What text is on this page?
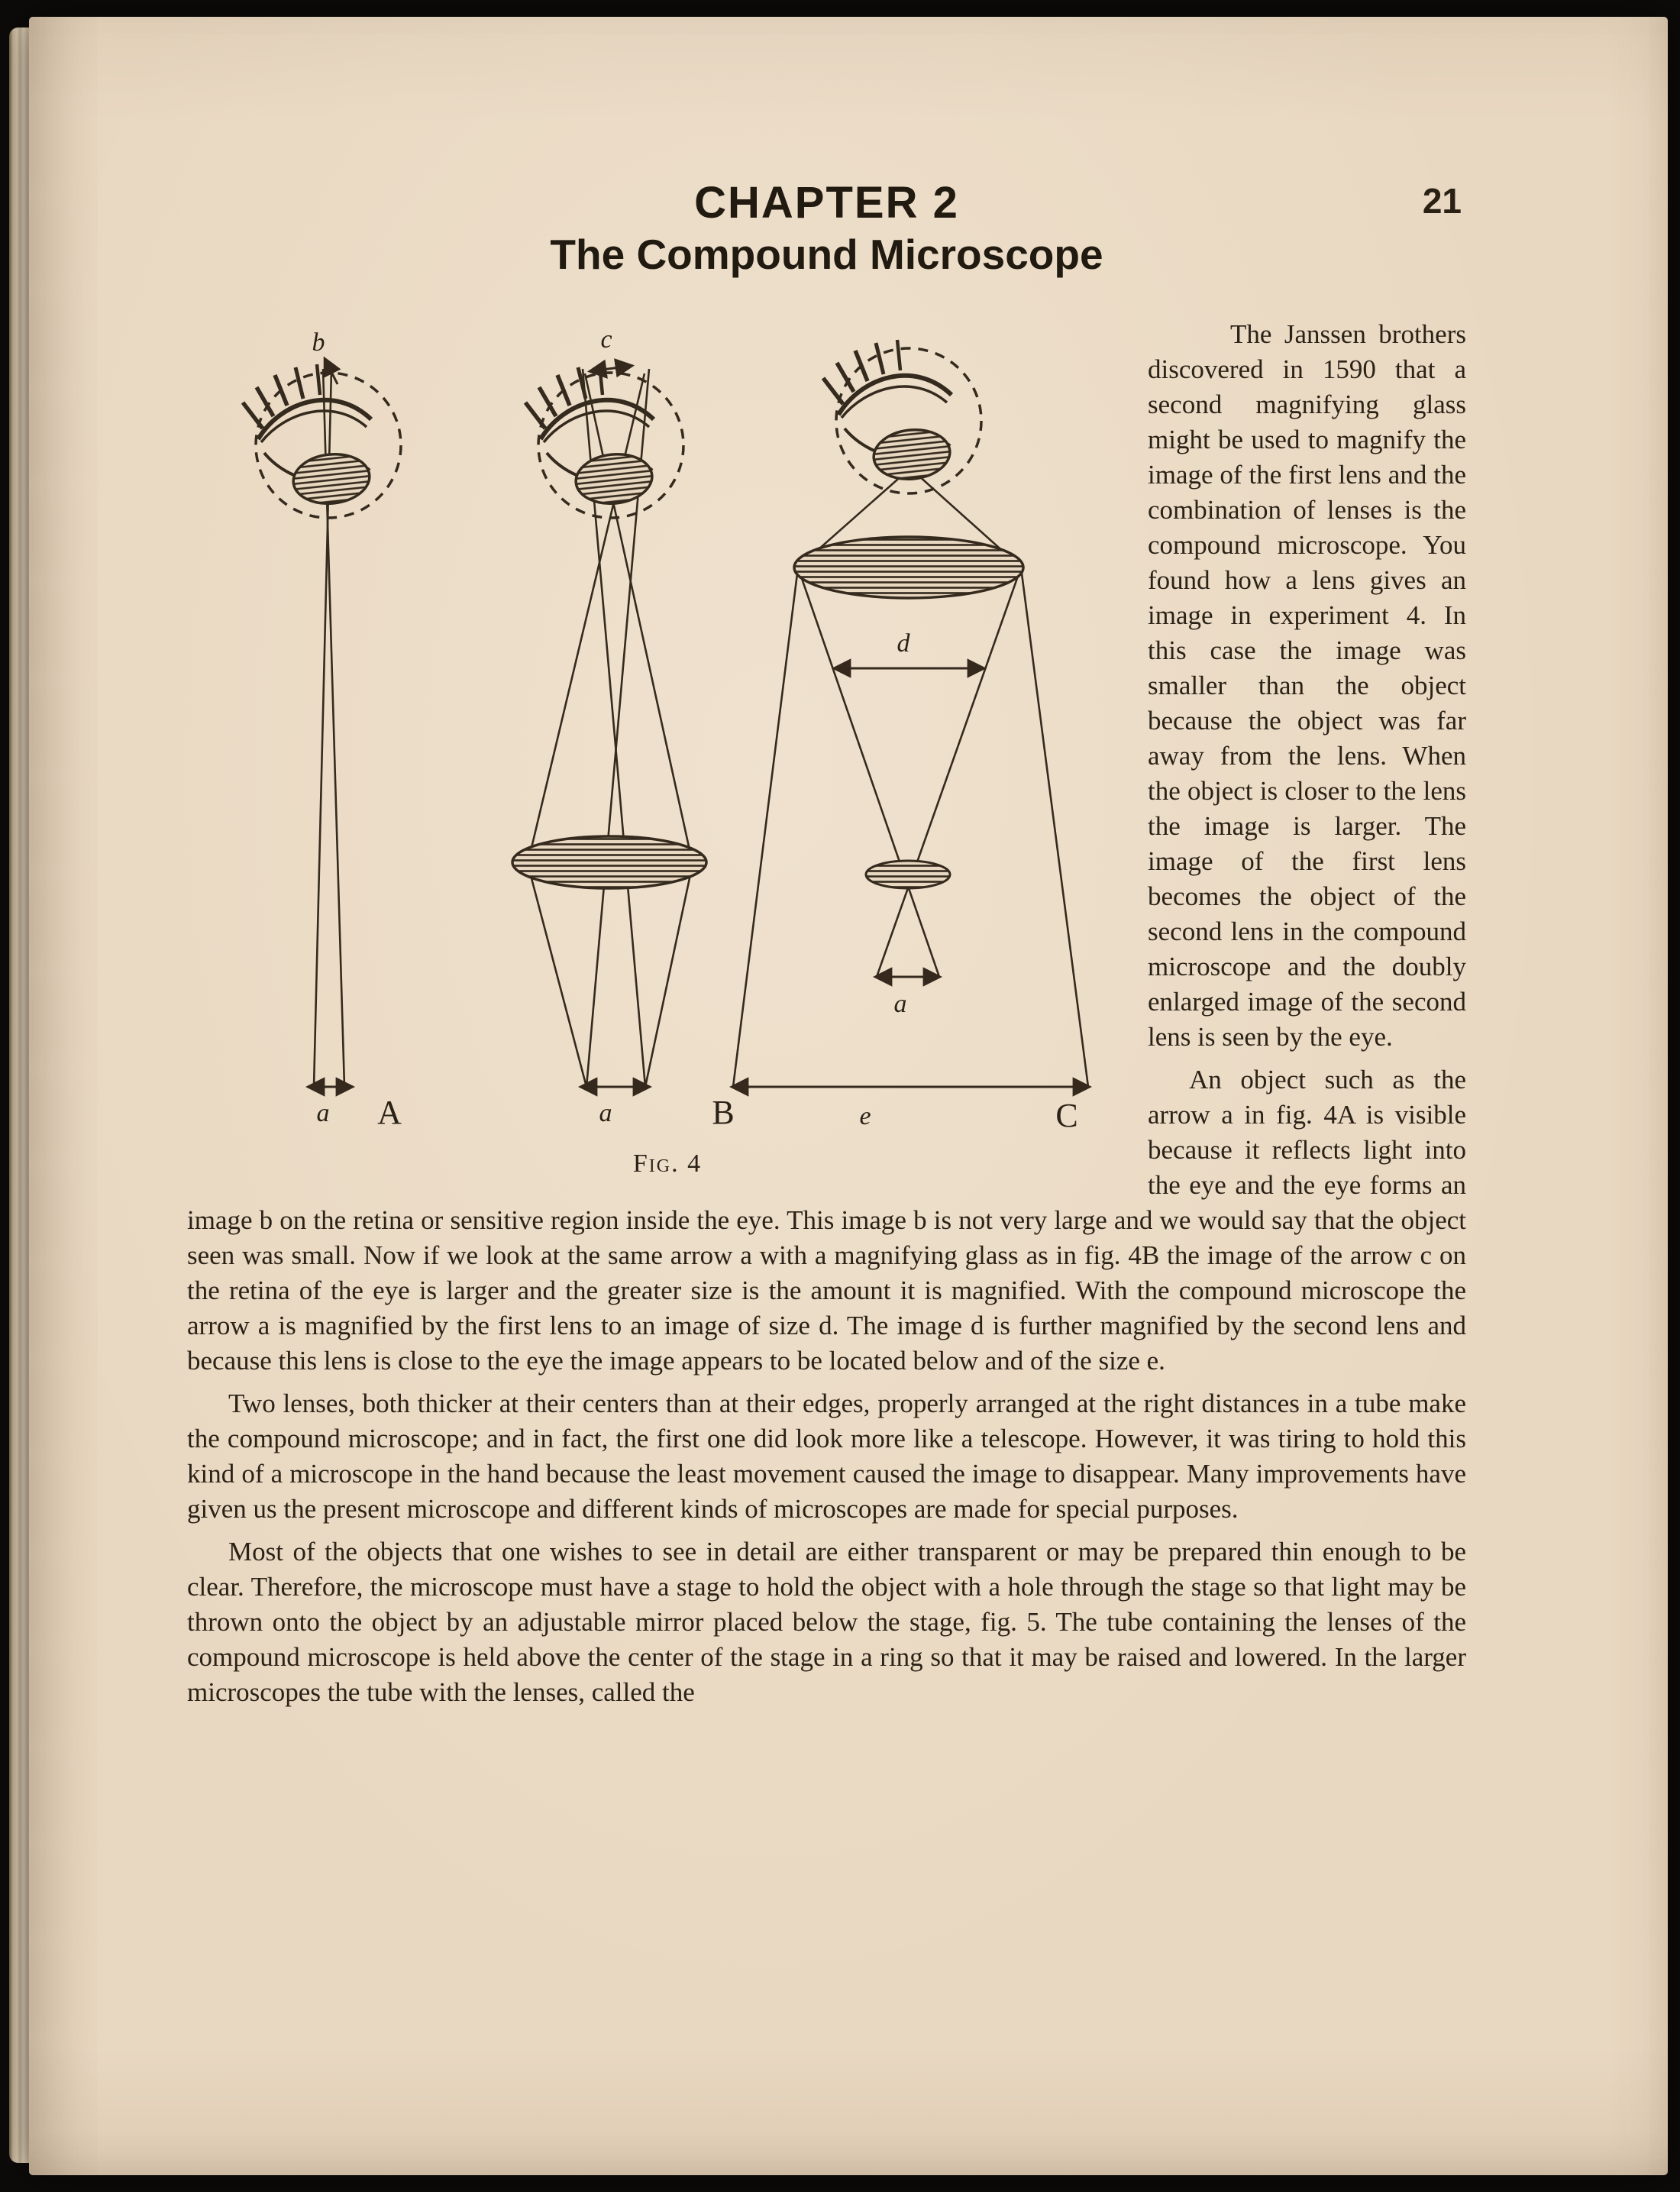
CHAPTER 2	21
The Compound Microscope
b
a A
c
a	B
d
a
e	C
Fig. 4

The Janssen brothers discovered in 1590 that a second magnifying glass might be used to magnify the image of the first lens and the combination of lenses is the compound microscope. You found how a lens gives an image in experiment 4. In this case the image was smaller than the object because the object was far away from the lens. When the object is closer to the lens the image is larger. The image of the first lens becomes the object of the second lens in the compound microscope and the doubly enlarged image of the second lens is seen by the eye.

An object such as the arrow a in fig. 4A is visible because it reflects light into the eye and the eye forms an image b on the retina or sensitive region inside the eye. This image b is not very large and we would say that the object seen was small. Now if we look at the same arrow a with a magnifying glass as in fig. 4B the image of the arrow c on the retina of the eye is larger and the greater size is the amount it is magnified. With the compound microscope the arrow a is magnified by the first lens to an image of size d. The image d is further magnified by the second lens and because this lens is close to the eye the image appears to be located below and of the size e.

Two lenses, both thicker at their centers than at their edges, properly arranged at the right distances in a tube make the compound microscope; and in fact, the first one did look more like a telescope. However, it was tiring to hold this kind of a microscope in the hand because the least movement caused the image to disappear. Many improvements have given us the present microscope and different kinds of microscopes are made for special purposes.

Most of the objects that one wishes to see in detail are either transparent or may be prepared thin enough to be clear. Therefore, the microscope must have a stage to hold the object with a hole through the stage so that light may be thrown onto the object by an adjustable mirror placed below the stage, fig. 5. The tube containing the lenses of the compound microscope is held above the center of the stage in a ring so that it may be raised and lowered. In the larger microscopes the tube with the lenses, called the
